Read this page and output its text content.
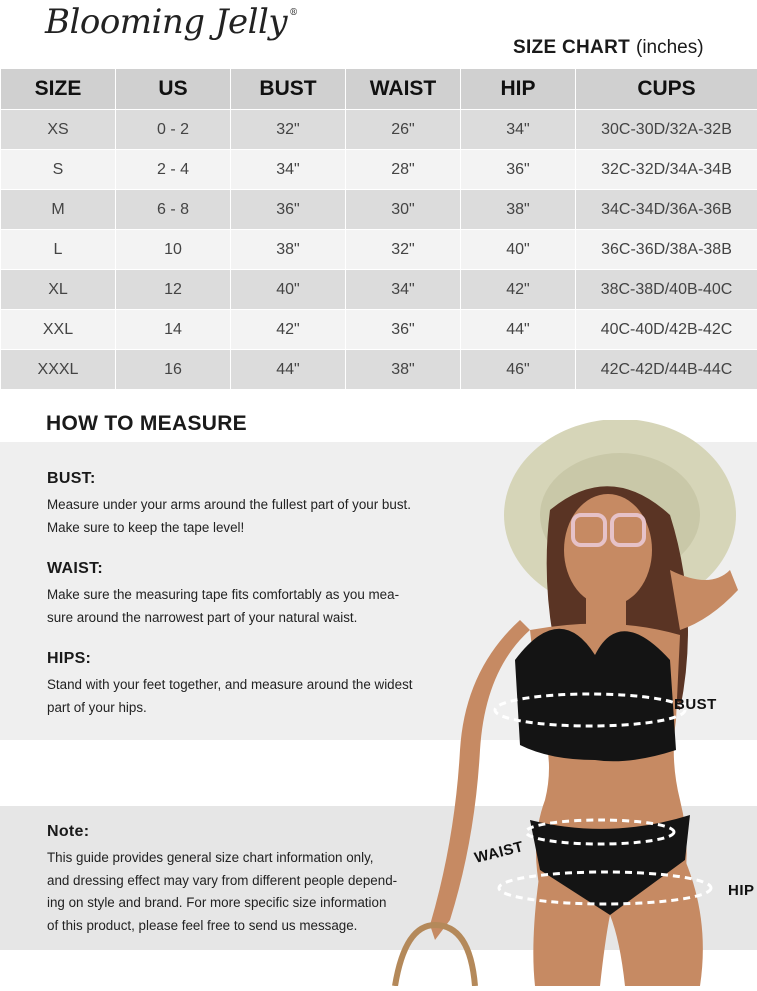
Blooming Jelly ®
SIZE CHART (inches)
SIZE	US	BUST	WAIST	HIP	CUPS
XS	0 - 2	32"	26"	34"	30C-30D/32A-32B
S	2 - 4	34"	28"	36"	32C-32D/34A-34B
M	6 - 8	36"	30"	38"	34C-34D/36A-36B
L	10	38"	32"	40"	36C-36D/38A-38B
XL	12	40"	34"	42"	38C-38D/40B-40C
XXL	14	42"	36"	44"	40C-40D/42B-42C
XXXL	16	44"	38"	46"	42C-42D/44B-44C
HOW TO MEASURE
BUST:

Measure under your arms around the fullest part of your bust.
Make sure to keep the tape level!

WAIST:

Make sure the measuring tape fits comfortably as you mea-
sure around the narrowest part of your natural waist.

HIPS:

Stand with your feet together, and measure around the widest
part of your hips.

Note:

This guide provides general size chart information only,
and dressing effect may vary from different people depend-
ing on style and brand. For more specific size information
of this product, please feel free to send us message.

BUST
WAIST
HIP
